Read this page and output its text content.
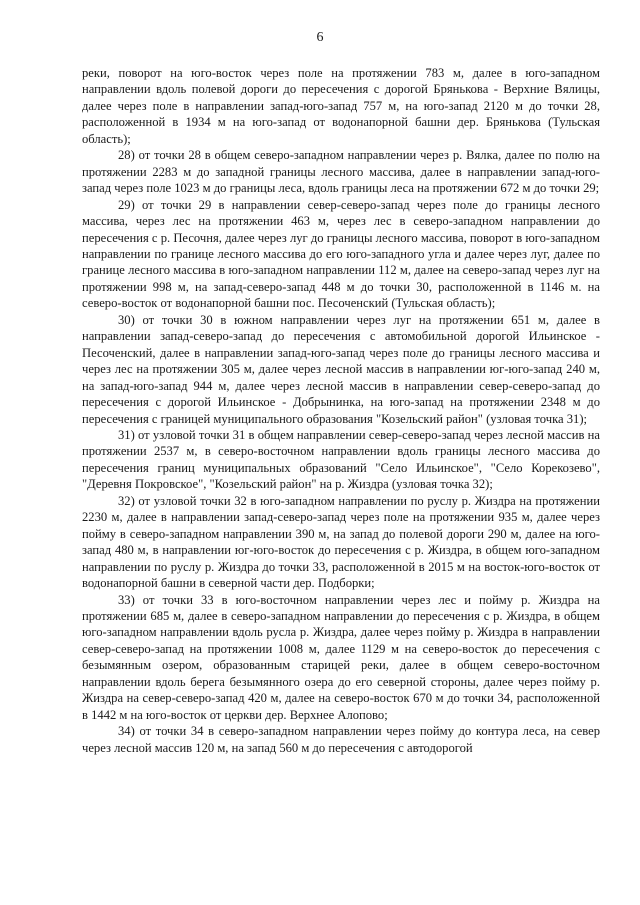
6

реки, поворот на юго-восток через поле на протяжении 783 м, далее в юго-западном направлении вдоль полевой дороги до пересечения с дорогой Брянькова - Верхние Вялицы, далее через поле в направлении запад-юго-запад 757 м, на юго-запад 2120 м до точки 28, расположенной в 1934 м на юго-запад от водонапорной башни дер. Брянькова (Тульская область);

28) от точки 28 в общем северо-западном направлении через р. Вялка, далее по полю на протяжении 2283 м до западной границы лесного массива, далее в направлении запад-юго-запад через поле 1023 м до границы леса, вдоль границы леса на протяжении 672 м до точки 29;

29) от точки 29 в направлении север-северо-запад через поле до границы лесного массива, через лес на протяжении 463 м, через лес в северо-западном направлении до пересечения с р. Песочня, далее через луг до границы лесного массива, поворот в юго-западном направлении по границе лесного массива до его юго-западного угла и далее через луг, далее по границе лесного массива в юго-западном направлении 112 м, далее на северо-запад через луг на протяжении 998 м, на запад-северо-запад 448 м до точки 30, расположенной в 1146 м. на северо-восток от водонапорной башни пос. Песоченский (Тульская область);

30) от точки 30 в южном направлении через луг на протяжении 651 м, далее в направлении запад-северо-запад до пересечения с автомобильной дорогой Ильинское - Песоченский, далее в направлении запад-юго-запад через поле до границы лесного массива и через лес на протяжении 305 м, далее через лесной массив в направлении юг-юго-запад 240 м, на запад-юго-запад 944 м, далее через лесной массив в направлении север-северо-запад до пересечения с дорогой Ильинское - Добрынинка, на юго-запад на протяжении 2348 м до пересечения с границей муниципального образования "Козельский район" (узловая точка 31);

31) от узловой точки 31 в общем направлении север-северо-запад через лесной массив на протяжении 2537 м, в северо-восточном направлении вдоль границы лесного массива до пересечения границ муниципальных образований "Село Ильинское", "Село Корекозево", "Деревня Покровское", "Козельский район" на р. Жиздра (узловая точка 32);

32) от узловой точки 32 в юго-западном направлении по руслу р. Жиздра на протяжении 2230 м, далее в направлении запад-северо-запад через поле на протяжении 935 м, далее через пойму в северо-западном направлении 390 м, на запад до полевой дороги 290 м, далее на юго-запад 480 м, в направлении юг-юго-восток до пересечения с р. Жиздра, в общем юго-западном направлении по руслу р. Жиздра до точки 33, расположенной в 2015 м на восток-юго-восток от водонапорной башни в северной части дер. Подборки;

33) от точки 33 в юго-восточном направлении через лес и пойму р. Жиздра на протяжении 685 м, далее в северо-западном направлении до пересечения с р. Жиздра, в общем юго-западном направлении вдоль русла р. Жиздра, далее через пойму р. Жиздра в направлении север-северо-запад на протяжении 1008 м, далее 1129 м на северо-восток до пересечения с безымянным озером, образованным старицей реки, далее в общем северо-восточном направлении вдоль берега безымянного озера до его северной стороны, далее через пойму р. Жиздра на север-северо-запад 420 м, далее на северо-восток 670 м до точки 34, расположенной в 1442 м на юго-восток от церкви дер. Верхнее Алопово;

34) от точки 34 в северо-западном направлении через пойму до контура леса, на север через лесной массив 120 м, на запад 560 м до пересечения с автодорогой
